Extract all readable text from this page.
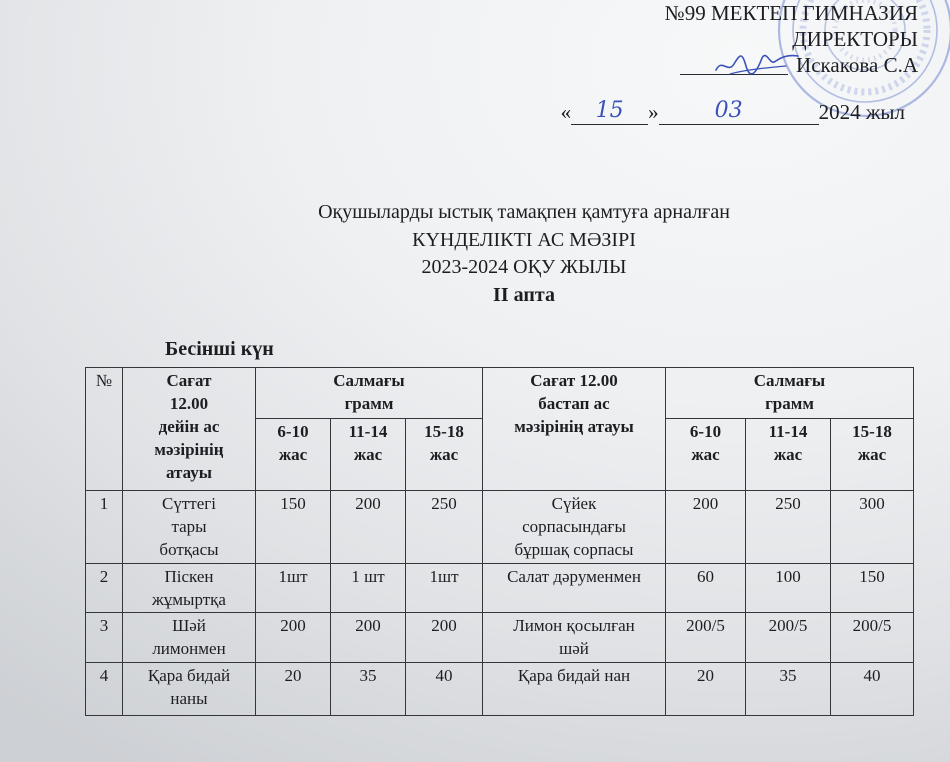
№99 МЕКТЕП ГИМНАЗИЯ
ДИРЕКТОРЫ
Искакова С.А
« 15 »	03	2024 жыл
Оқушыларды ыстық тамақпен қамтуға арналған
КҮНДЕЛІКТІ АС МӘЗІРІ
2023-2024 ОҚУ ЖЫЛЫ
II апта
Бесінші күн
№	Сағат 12.00 дейін ас мәзірінің атауы	Салмағы грамм			Сағат 12.00 бастап ас мәзірінің атауы	Салмағы грамм		

		6-10 жас	11-14 жас	15-18 жас		6-10 жас	11-14 жас	15-18 жас

1	Сүттегі тары ботқасы	150	200	250	Сүйек сорпасындағы бұршақ сорпасы	200	250	300
2	Піскен жұмыртқа	1шт	1 шт	1шт	Салат дәруменмен	60	100	150
3	Шәй лимонмен	200	200	200	Лимон қосылған шәй	200/5	200/5	200/5
4	Қара бидай наны	20	35	40	Қара бидай нан	20	35	40
